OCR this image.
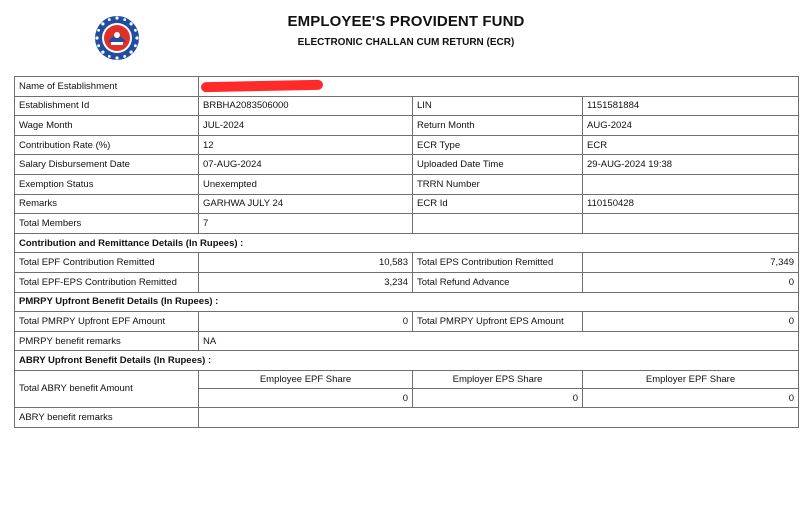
EMPLOYEE'S PROVIDENT FUND
ELECTRONIC CHALLAN CUM RETURN (ECR)
Name of Establishment			
Establishment Id	BRBHA2083506000	LIN	1151581884
Wage Month	JUL-2024	Return Month	AUG-2024
Contribution Rate (%)	12	ECR Type	ECR
Salary Disbursement Date	07-AUG-2024	Uploaded Date Time	29-AUG-2024 19:38
Exemption Status	Unexempted	TRRN Number	
Remarks	GARHWA JULY 24	ECR Id	110150428
Total Members	7		
Contribution and Remittance Details (In Rupees) :			
Total EPF Contribution Remitted	10,583	Total EPS Contribution Remitted	7,349
Total EPF-EPS Contribution Remitted	3,234	Total Refund Advance	0
PMRPY Upfront Benefit Details (In Rupees) :			
Total PMRPY Upfront EPF Amount	0	Total PMRPY Upfront EPS Amount	0
PMRPY benefit remarks	NA		
ABRY Upfront Benefit Details (In Rupees) :			
Total ABRY benefit Amount	Employee EPF Share	Employer EPS Share	Employer EPF Share
	0	0	0
ABRY benefit remarks			
